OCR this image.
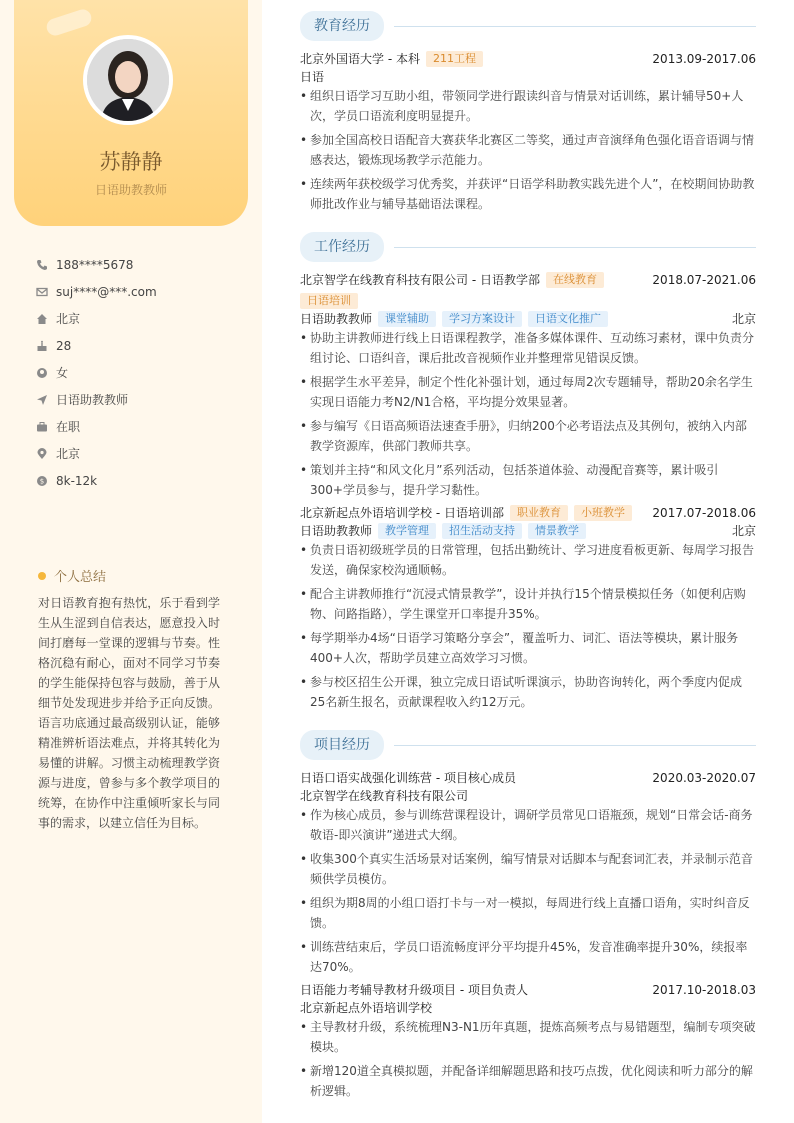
苏静静
日语助教教师
188****5678
suj****@***.com
北京
28
女
日语助教教师
在职
北京
$ 8k-12k
个人总结
对日语教育抱有热忱，乐于看到学生从生涩到自信表达，愿意投入时间打磨每一堂课的逻辑与节奏。性格沉稳有耐心，面对不同学习节奏的学生能保持包容与鼓励，善于从细节处发现进步并给予正向反馈。语言功底通过最高级别认证，能够精准辨析语法难点，并将其转化为易懂的讲解。习惯主动梳理教学资源与进度，曾参与多个教学项目的统筹，在协作中注重倾听家长与同事的需求，以建立信任为目标。
教育经历
北京外国语大学 - 本科 211工程	2013.09-2017.06
日语
• 组织日语学习互助小组，带领同学进行跟读纠音与情景对话训练，累计辅导50+人次，学员口语流利度明显提升。
• 参加全国高校日语配音大赛获华北赛区二等奖，通过声音演绎角色强化语音语调与情感表达，锻炼现场教学示范能力。
• 连续两年获校级学习优秀奖，并获评“日语学科助教实践先进个人”，在校期间协助教师批改作业与辅导基础语法课程。
工作经历
北京智学在线教育科技有限公司 - 日语教学部 在线教育	2018.07-2021.06
日语培训
日语助教教师 课堂辅助 学习方案设计 日语文化推广	北京
• 协助主讲教师进行线上日语课程教学，准备多媒体课件、互动练习素材，课中负责分组讨论、口语纠音，课后批改音视频作业并整理常见错误反馈。
• 根据学生水平差异，制定个性化补强计划，通过每周2次专题辅导，帮助20余名学生实现日语能力考N2/N1合格，平均提分效果显著。
• 参与编写《日语高频语法速查手册》，归纳200个必考语法点及其例句，被纳入内部教学资源库，供部门教师共享。
• 策划并主持“和风文化月”系列活动，包括茶道体验、动漫配音赛等，累计吸引300+学员参与，提升学习黏性。
北京新起点外语培训学校 - 日语培训部 职业教育 小班教学 2017.07-2018.06
日语助教教师 教学管理 招生活动支持 情景教学	北京
• 负责日语初级班学员的日常管理，包括出勤统计、学习进度看板更新、每周学习报告发送，确保家校沟通顺畅。
• 配合主讲教师推行“沉浸式情景教学”，设计并执行15个情景模拟任务（如便利店购物、问路指路），学生课堂开口率提升35%。
• 每学期举办4场“日语学习策略分享会”，覆盖听力、词汇、语法等模块，累计服务400+人次，帮助学员建立高效学习习惯。
• 参与校区招生公开课，独立完成日语试听课演示，协助咨询转化，两个季度内促成25名新生报名，贡献课程收入约12万元。
项目经历
日语口语实战强化训练营 - 项目核心成员	2020.03-2020.07
北京智学在线教育科技有限公司
• 作为核心成员，参与训练营课程设计，调研学员常见口语瓶颈，规划“日常会话-商务敬语-即兴演讲”递进式大纲。
• 收集300个真实生活场景对话案例，编写情景对话脚本与配套词汇表，并录制示范音频供学员模仿。
• 组织为期8周的小组口语打卡与一对一模拟，每周进行线上直播口语角，实时纠音反馈。
• 训练营结束后，学员口语流畅度评分平均提升45%，发音准确率提升30%，续报率达70%。
日语能力考辅导教材升级项目 - 项目负责人	2017.10-2018.03
北京新起点外语培训学校
• 主导教材升级，系统梳理N3-N1历年真题，提炼高频考点与易错题型，编制专项突破模块。
• 新增120道全真模拟题，并配备详细解题思路和技巧点拨，优化阅读和听力部分的解析逻辑。
